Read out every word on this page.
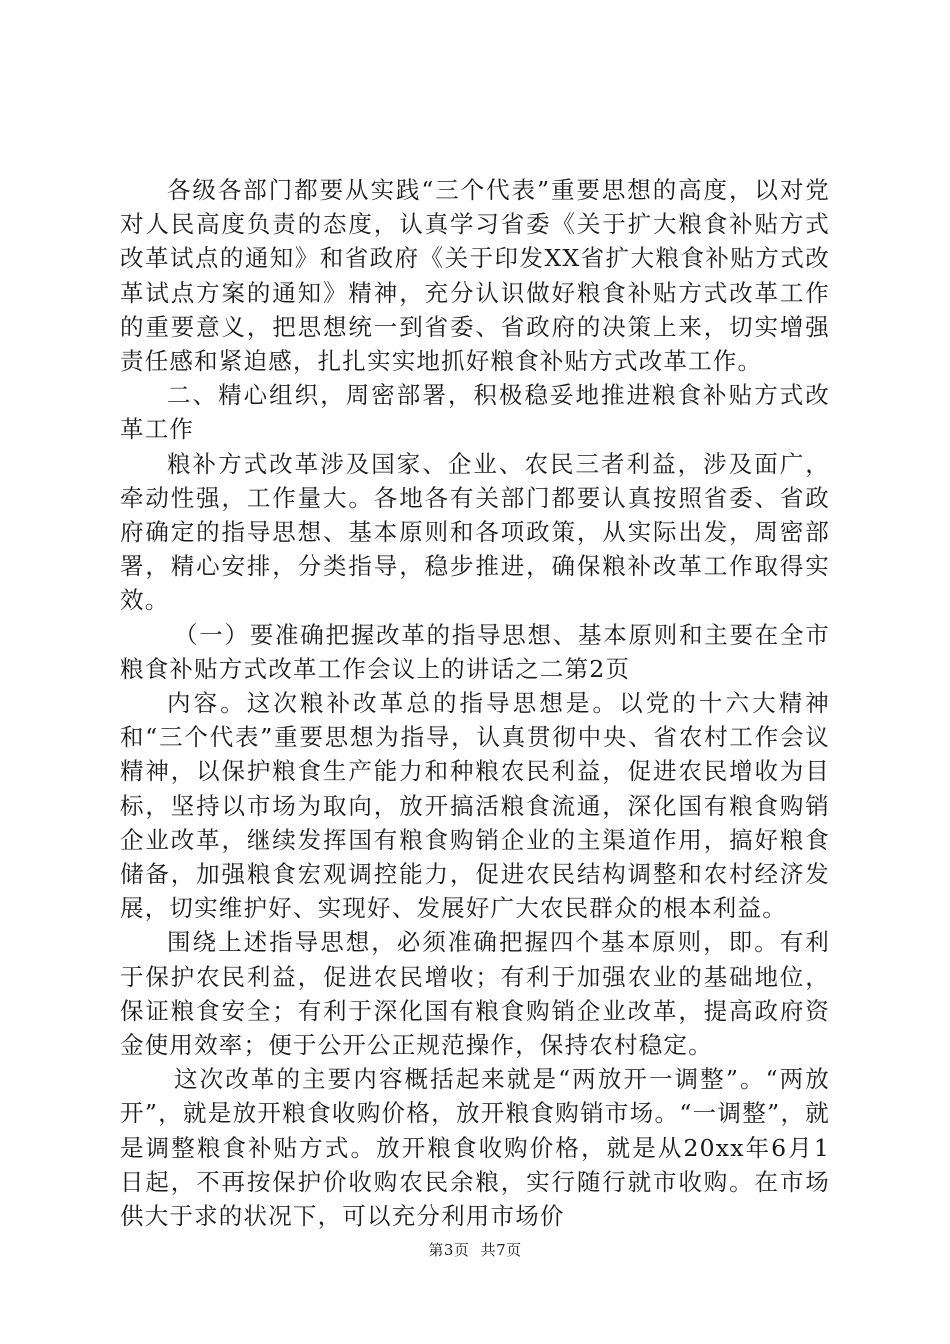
各级各部门都要从实践“三个代表”重要思想的高度，以对党对人民高度负责的态度，认真学习省委《关于扩大粮食补贴方式改革试点的通知》和省政府《关于印发XX省扩大粮食补贴方式改革试点方案的通知》精神，充分认识做好粮食补贴方式改革工作的重要意义，把思想统一到省委、省政府的决策上来，切实增强责任感和紧迫感，扎扎实实地抓好粮食补贴方式改革工作。

二、精心组织，周密部署，积极稳妥地推进粮食补贴方式改革工作

粮补方式改革涉及国家、企业、农民三者利益，涉及面广，牵动性强，工作量大。各地各有关部门都要认真按照省委、省政府确定的指导思想、基本原则和各项政策，从实际出发，周密部署，精心安排，分类指导，稳步推进，确保粮补改革工作取得实效。

（一）要准确把握改革的指导思想、基本原则和主要在全市粮食补贴方式改革工作会议上的讲话之二第2页

内容。这次粮补改革总的指导思想是。以党的十六大精神和“三个代表”重要思想为指导，认真贯彻中央、省农村工作会议精神，以保护粮食生产能力和种粮农民利益，促进农民增收为目标，坚持以市场为取向，放开搞活粮食流通，深化国有粮食购销企业改革，继续发挥国有粮食购销企业的主渠道作用，搞好粮食储备，加强粮食宏观调控能力，促进农民结构调整和农村经济发展，切实维护好、实现好、发展好广大农民群众的根本利益。

围绕上述指导思想，必须准确把握四个基本原则，即。有利于保护农民利益，促进农民增收；有利于加强农业的基础地位，保证粮食安全；有利于深化国有粮食购销企业改革，提高政府资金使用效率；便于公开公正规范操作，保持农村稳定。

这次改革的主要内容概括起来就是“两放开一调整”。“两放开”，就是放开粮食收购价格，放开粮食购销市场。“一调整”，就是调整粮食补贴方式。放开粮食收购价格，就是从20xx年6月1日起，不再按保护价收购农民余粮，实行随行就市收购。在市场供大于求的状况下，可以充分利用市场价

第3页 共7页
